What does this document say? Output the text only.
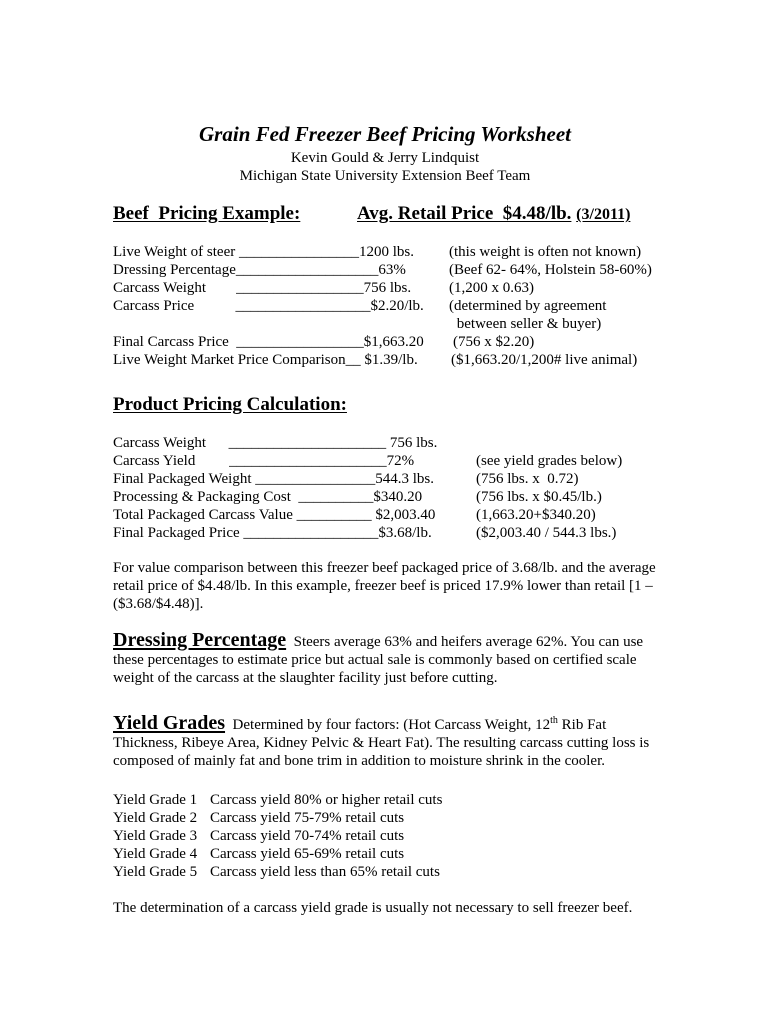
Grain Fed Freezer Beef Pricing Worksheet
Kevin Gould & Jerry Lindquist
Michigan State University Extension Beef Team
Beef  Pricing Example:	Avg. Retail Price  $4.48/lb. (3/2011)
Live Weight of steer ________________1200 lbs. (this weight is often not known)
Dressing Percentage___________________63%	(Beef 62- 64%, Holstein 58-60%)
Carcass Weight        _________________756 lbs.	(1,200 x 0.63)
Carcass Price           __________________$2.20/lb. (determined by agreement
between seller & buyer)
Final Carcass Price  _________________$1,663.20 (756 x $2.20)
Live Weight Market Price Comparison__ $1.39/lb. ($1,663.20/1,200# live animal)
Product Pricing Calculation:
Carcass Weight      _____________________ 756 lbs.
Carcass Yield         _____________________72%	(see yield grades below)
Final Packaged Weight ________________544.3 lbs.	(756 lbs. x  0.72)
Processing & Packaging Cost  __________$340.20	(756 lbs. x $0.45/lb.)
Total Packaged Carcass Value __________ $2,003.40	(1,663.20+$340.20)
Final Packaged Price __________________$3.68/lb.	($2,003.40 / 544.3 lbs.)
For value comparison between this freezer beef packaged price of 3.68/lb. and the average retail price of $4.48/lb. In this example, freezer beef is priced 17.9% lower than retail [1 – ($3.68/$4.48)].
Dressing Percentage Steers average 63% and heifers average 62%. You can use these percentages to estimate price but actual sale is commonly based on certified scale weight of the carcass at the slaughter facility just before cutting.
Yield Grades Determined by four factors: (Hot Carcass Weight, 12th Rib Fat Thickness, Ribeye Area, Kidney Pelvic & Heart Fat). The resulting carcass cutting loss is composed of mainly fat and bone trim in addition to moisture shrink in the cooler.
Yield Grade 1 Carcass yield 80% or higher retail cuts
Yield Grade 2 Carcass yield 75-79% retail cuts
Yield Grade 3 Carcass yield 70-74% retail cuts
Yield Grade 4 Carcass yield 65-69% retail cuts
Yield Grade 5 Carcass yield less than 65% retail cuts
The determination of a carcass yield grade is usually not necessary to sell freezer beef.
